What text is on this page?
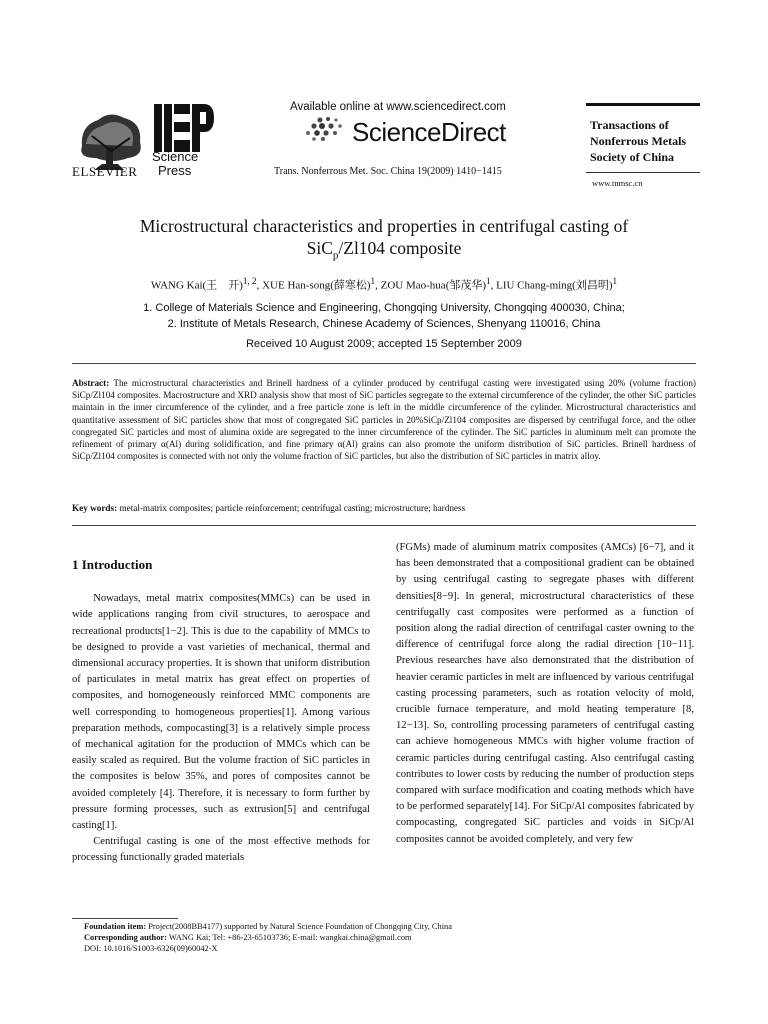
ELSEVIER
Science
Press
Available online at www.sciencedirect.com
ScienceDirect
Trans. Nonferrous Met. Soc. China 19(2009) 1410−1415
Transactions of
Nonferrous Metals
Society of China
www.tnmsc.cn
Microstructural characteristics and properties in centrifugal casting of
SiC$_p$/Zl104 composite
WANG Kai(王　开)$^{1, 2}$, XUE Han-song(薛寒松)$^1$, ZOU Mao-hua(邹茂华)$^1$, LIU Chang-ming(刘昌明)$^1$
1. College of Materials Science and Engineering, Chongqing University, Chongqing 400030, China;
2. Institute of Metals Research, Chinese Academy of Sciences, Shenyang 110016, China
Received 10 August 2009; accepted 15 September 2009
Abstract: The microstructural characteristics and Brinell hardness of a cylinder produced by centrifugal casting were investigated using 20% (volume fraction) SiCp/Zl104 composites. Macrostructure and XRD analysis show that most of SiC particles segregate to the external circumference of the cylinder, the other SiC particles maintain in the inner circumference of the cylinder, and a free particle zone is left in the middle circumference of the cylinder. Microstructural characteristics and quantitative assessment of SiC particles show that most of congregated SiC particles in 20%SiCp/Zl104 composites are dispersed by centrifugal force, and the other congregated SiC particles and most of alumina oxide are segregated to the inner circumference of the cylinder. The SiC particles in aluminum melt can promote the refinement of primary α(Al) during solidification, and fine primary α(Al) grains can also promote the uniform distribution of SiC particles. Brinell hardness of SiCp/Zl104 composites is connected with not only the volume fraction of SiC particles, but also the distribution of SiC particles in matrix alloy.
Key words: metal-matrix composites; particle reinforcement; centrifugal casting; microstructure; hardness

1 Introduction

Nowadays, metal matrix composites(MMCs) can be used in wide applications ranging from civil structures, to aerospace and recreational products[1−2]. This is due to the capability of MMCs to be designed to provide a vast varieties of mechanical, thermal and dimensional accuracy properties. It is shown that uniform distribution of particulates in metal matrix has great effect on properties of composites, and homogeneously reinforced MMC components are well corresponding to homogeneous properties[1]. Among various preparation methods, compocasting[3] is a relatively simple process of mechanical agitation for the production of MMCs which can be easily scaled as required. But the volume fraction of SiC particles in the composites is below 35%, and pores of composites cannot be avoided completely [4]. Therefore, it is necessary to form further by pressure forming processes, such as extrusion[5] and centrifugal casting[1].

Centrifugal casting is one of the most effective methods for processing functionally graded materials

(FGMs) made of aluminum matrix composites (AMCs) [6−7], and it has been demonstrated that a compositional gradient can be obtained by using centrifugal casting to segregate phases with different densities[8−9]. In general, microstructural characteristics of these centrifugally cast composites were performed as a function of position along the radial direction of centrifugal caster owning to the difference of centrifugal force along the radial direction [10−11]. Previous researches have also demonstrated that the distribution of heavier ceramic particles in melt are influenced by various centrifugal casting processing parameters, such as rotation velocity of mold, crucible furnace temperature, and mold heating temperature [8, 12−13]. So, controlling processing parameters of centrifugal casting can achieve homogeneous MMCs with higher volume fraction of ceramic particles during centrifugal casting. Also centrifugal casting contributes to lower costs by reducing the number of production steps compared with surface modification and coating methods which have to be performed separately[14]. For SiCp/Al composites fabricated by compocasting, congregated SiC particles and voids in SiCp/Al composites cannot be avoided completely, and very few

Foundation item: Project(2008BB4177) supported by Natural Science Foundation of Chongqing City, China
Corresponding author: WANG Kai; Tel: +86-23-65103736; E-mail: wangkai.china@gmail.com
DOI: 10.1016/S1003-6326(09)60042-X
